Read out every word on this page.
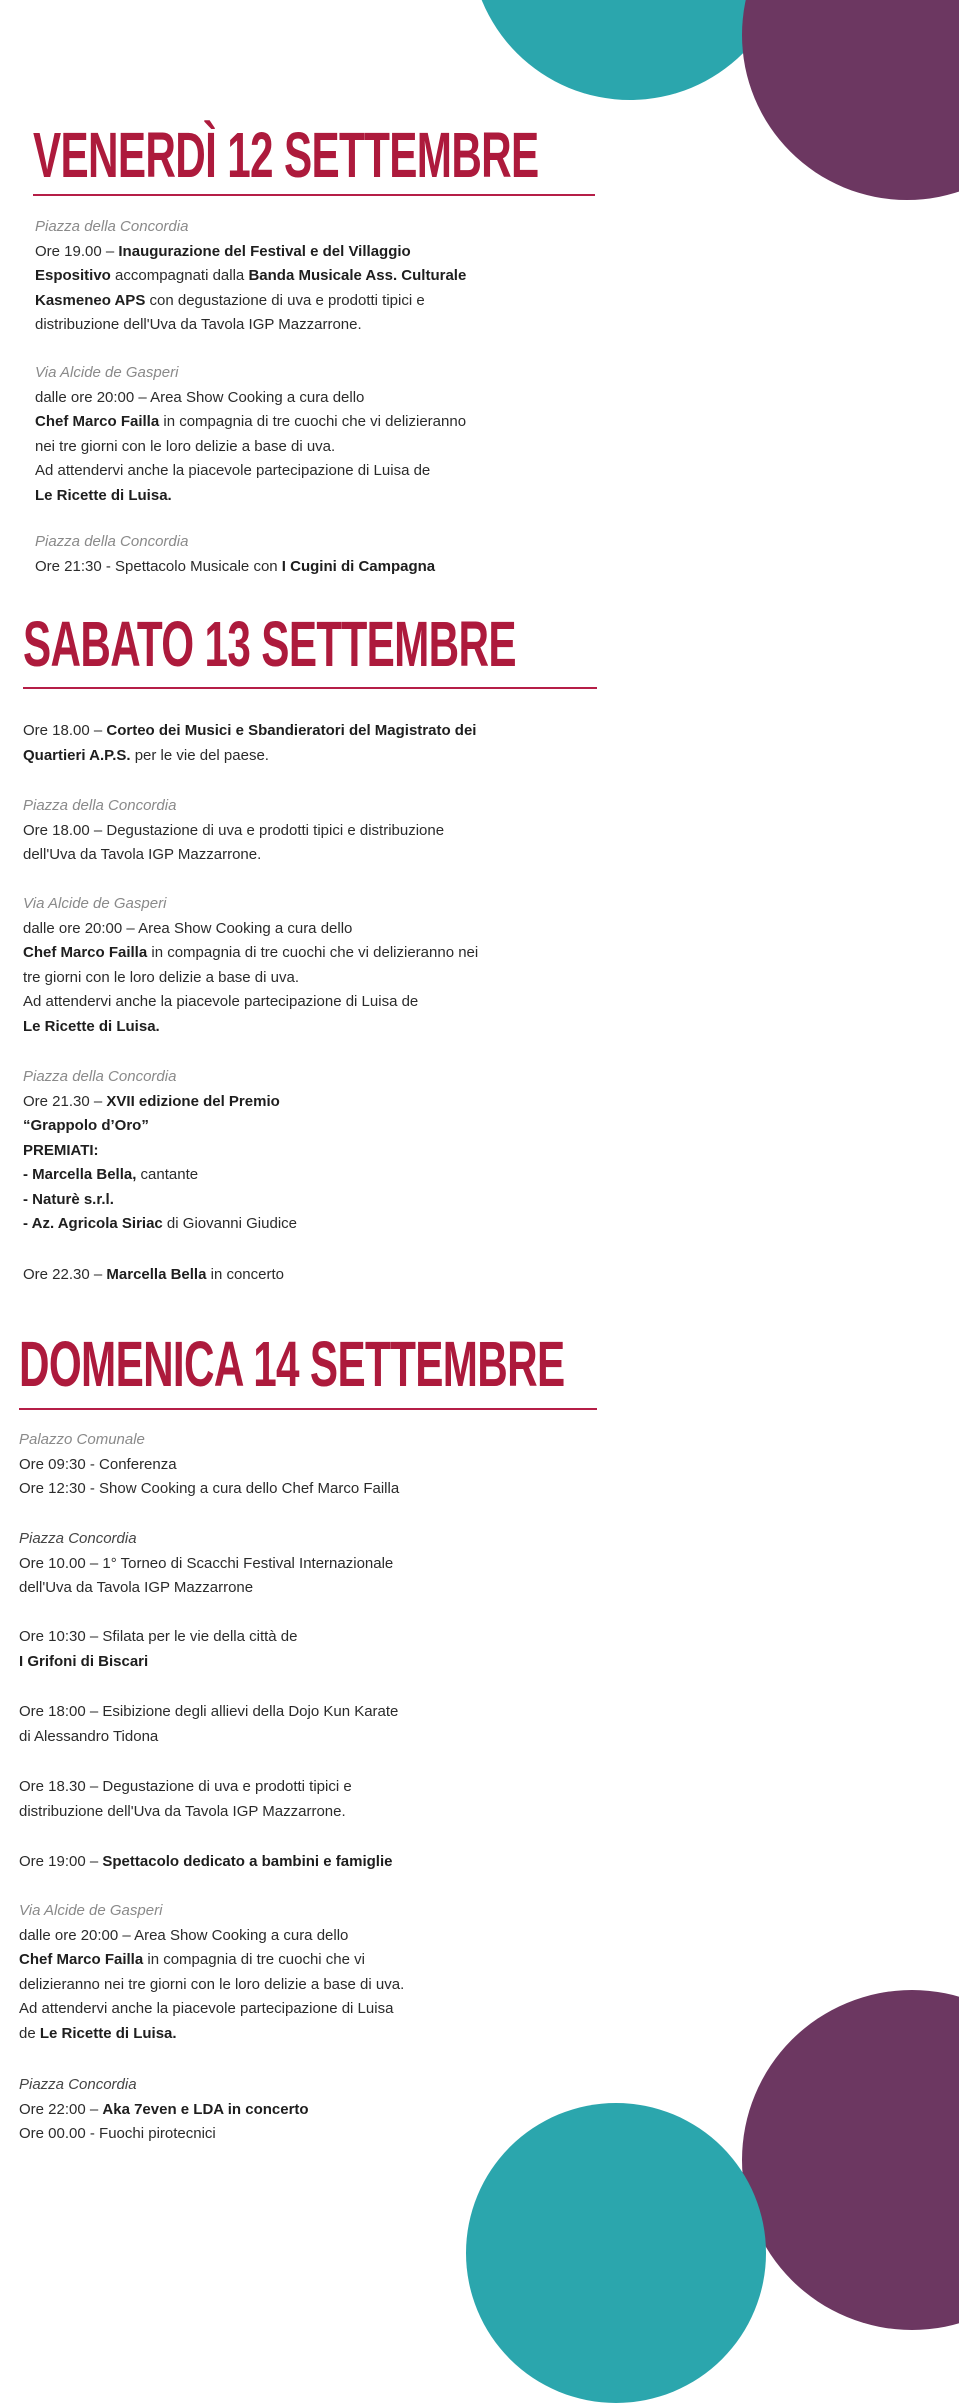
VENERDÌ 12 SETTEMBRE

Piazza della Concordia
Ore 19.00 – Inaugurazione del Festival e del Villaggio
Espositivo accompagnati dalla Banda Musicale Ass. Culturale
Kasmeneo APS con degustazione di uva e prodotti tipici e
distribuzione dell'Uva da Tavola IGP Mazzarrone.

Via Alcide de Gasperi
dalle ore 20:00 – Area Show Cooking a cura dello
Chef Marco Failla in compagnia di tre cuochi che vi delizieranno
nei tre giorni con le loro delizie a base di uva.
Ad attendervi anche la piacevole partecipazione di Luisa de
Le Ricette di Luisa.

Piazza della Concordia
Ore 21:30 - Spettacolo Musicale con I Cugini di Campagna

SABATO 13 SETTEMBRE

Ore 18.00 – Corteo dei Musici e Sbandieratori del Magistrato dei
Quartieri A.P.S. per le vie del paese.

Piazza della Concordia
Ore 18.00 – Degustazione di uva e prodotti tipici e distribuzione
dell'Uva da Tavola IGP Mazzarrone.

Via Alcide de Gasperi
dalle ore 20:00 – Area Show Cooking a cura dello
Chef Marco Failla in compagnia di tre cuochi che vi delizieranno nei
tre giorni con le loro delizie a base di uva.
Ad attendervi anche la piacevole partecipazione di Luisa de
Le Ricette di Luisa.

Piazza della Concordia
Ore 21.30 – XVII edizione del Premio
“Grappolo d’Oro”
PREMIATI:
- Marcella Bella, cantante
- Naturè s.r.l.
- Az. Agricola Siriac di Giovanni Giudice

Ore 22.30 – Marcella Bella in concerto

DOMENICA 14 SETTEMBRE

Palazzo Comunale
Ore 09:30 - Conferenza
Ore 12:30 - Show Cooking a cura dello Chef Marco Failla

Piazza Concordia
Ore 10.00 – 1° Torneo di Scacchi Festival Internazionale
dell'Uva da Tavola IGP Mazzarrone

Ore 10:30 – Sfilata per le vie della città de
I Grifoni di Biscari

Ore 18:00 – Esibizione degli allievi della Dojo Kun Karate
di Alessandro Tidona

Ore 18.30 – Degustazione di uva e prodotti tipici e
distribuzione dell'Uva da Tavola IGP Mazzarrone.

Ore 19:00 – Spettacolo dedicato a bambini e famiglie

Via Alcide de Gasperi
dalle ore 20:00 – Area Show Cooking a cura dello
Chef Marco Failla in compagnia di tre cuochi che vi
delizieranno nei tre giorni con le loro delizie a base di uva.
Ad attendervi anche la piacevole partecipazione di Luisa
de Le Ricette di Luisa.

Piazza Concordia
Ore 22:00 – Aka 7even e LDA in concerto
Ore 00.00 - Fuochi pirotecnici
